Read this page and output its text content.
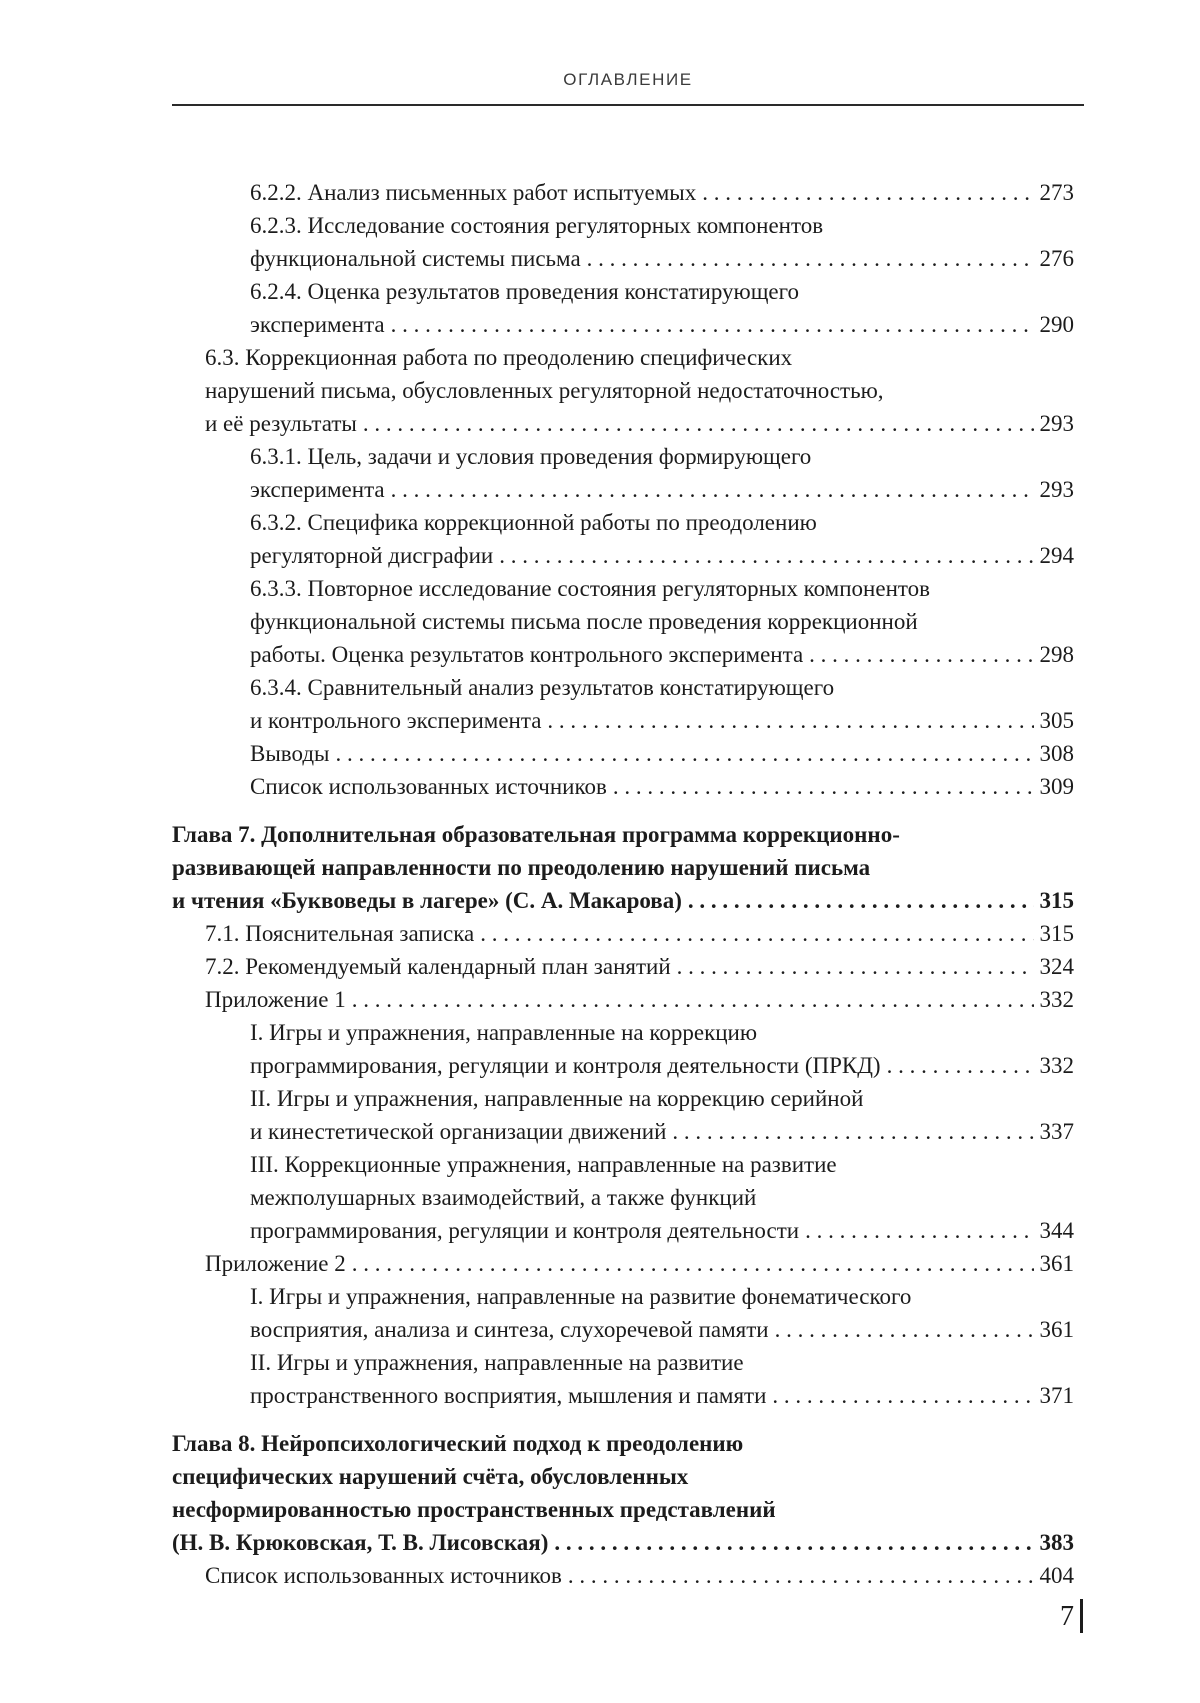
ОГЛАВЛЕНИЕ
6.2.2. Анализ письменных работ испытуемых . . .	273
6.2.3. Исследование состояния регуляторных компонентов
функциональной системы письма . . .	276
6.2.4. Оценка результатов проведения констатирующего
эксперимента . . .	290
6.3. Коррекционная работа по преодолению специфических
нарушений письма, обусловленных регуляторной недостаточностью,
и её результаты . . .	293
6.3.1. Цель, задачи и условия проведения формирующего
эксперимента . . .	293
6.3.2. Специфика коррекционной работы по преодолению
регуляторной дисграфии . . .	294
6.3.3. Повторное исследование состояния регуляторных компонентов
функциональной системы письма после проведения коррекционной
работы. Оценка результатов контрольного эксперимента . . .	298
6.3.4. Сравнительный анализ результатов констатирующего
и контрольного эксперимента . . .	305
Выводы . . .	308
Список использованных источников . . .	309
Глава 7. Дополнительная образовательная программа коррекционно-
развивающей направленности по преодолению нарушений письма
и чтения «Буквоведы в лагере» (С. А. Макарова) . . .	315
7.1. Пояснительная записка . . .	315
7.2. Рекомендуемый календарный план занятий . . .	324
Приложение 1 . . .	332
I. Игры и упражнения, направленные на коррекцию
программирования, регуляции и контроля деятельности (ПРКД) . . .	332
II. Игры и упражнения, направленные на коррекцию серийной
и кинестетической организации движений . . .	337
III. Коррекционные упражнения, направленные на развитие
межполушарных взаимодействий, а также функций
программирования, регуляции и контроля деятельности . . .	344
Приложение 2 . . .	361
I. Игры и упражнения, направленные на развитие фонематического
восприятия, анализа и синтеза, слухоречевой памяти . . .	361
II. Игры и упражнения, направленные на развитие
пространственного восприятия, мышления и памяти . . .	371
Глава 8. Нейропсихологический подход к преодолению
специфических нарушений счёта, обусловленных
несформированностью пространственных представлений
(Н. В. Крюковская, Т. В. Лисовская) . . .	383
Список использованных источников . . .	404
7
